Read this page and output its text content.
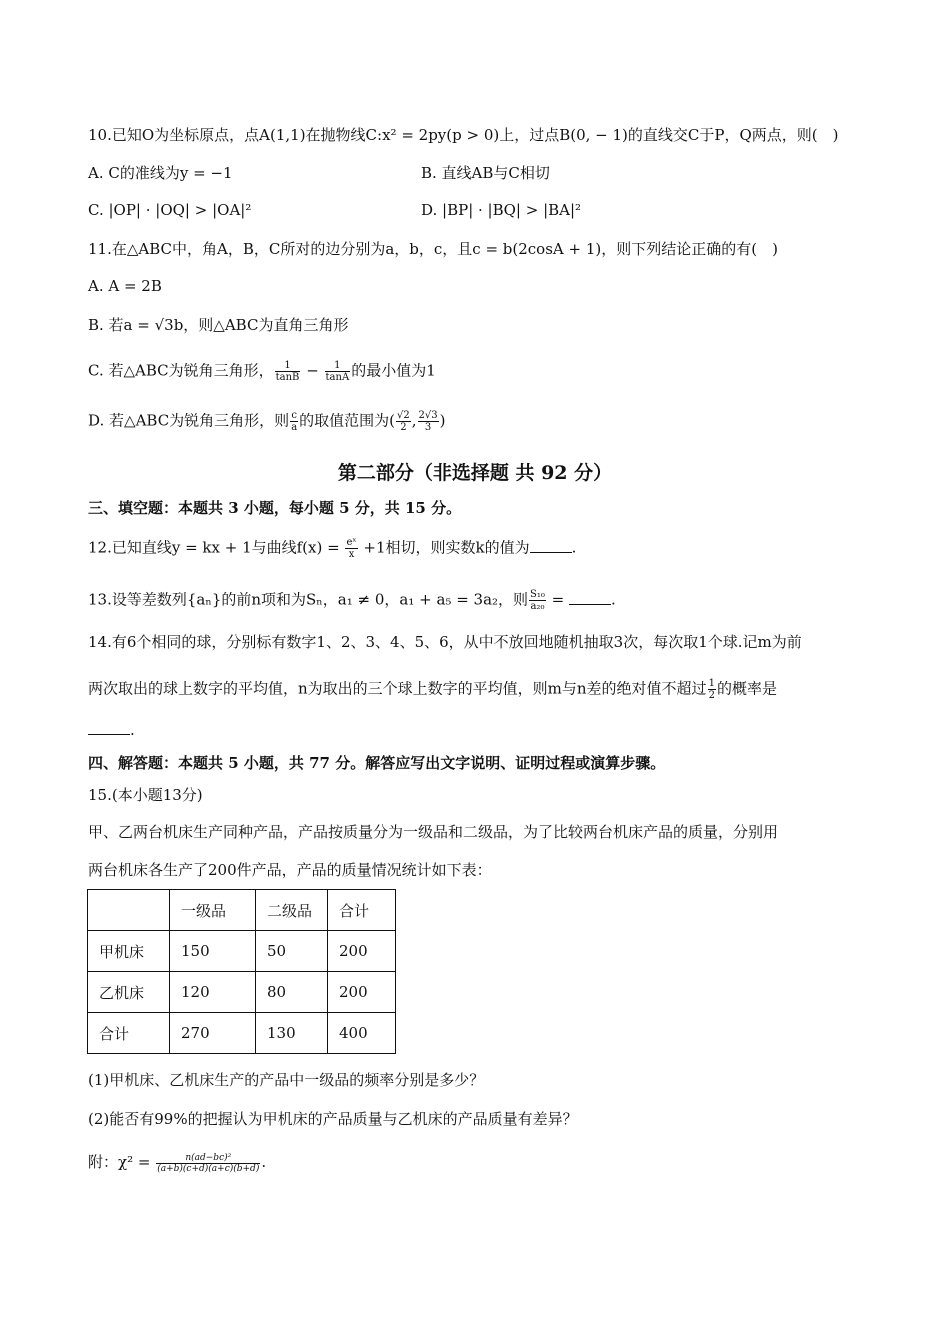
10.已知O为坐标原点，点A(1,1)在抛物线C:x² = 2py(p > 0)上，过点B(0, − 1)的直线交C于P，Q两点，则(　)
A. C的准线为y = −1	B. 直线AB与C相切
C. |OP| · |OQ| > |OA|²	D. |BP| · |BQ| > |BA|²
11.在△ABC中，角A，B，C所对的边分别为a，b，c，且c = b(2cosA + 1)，则下列结论正确的有(　)
A. A = 2B
B. 若a = √3b，则△ABC为直角三角形
C. 若△ABC为锐角三角形， $\frac{1}{\tan B} - \frac{1}{\tan A}$ 的最小值为1
D. 若△ABC为锐角三角形，则 $\frac{c}{a}$ 的取值范围为( $\frac{√2}{2}$ , $\frac{2√3}{3}$ )
第二部分（非选择题 共 92 分）
三、填空题：本题共 3 小题，每小题 5 分，共 15 分。
12.已知直线y = kx + 1与曲线$f(x) = \frac{\text{eˣ}}{x} +1$相切，则实数k的值为	.
13.设等差数列{aₙ}的前n项和为Sₙ，a₁ ≠ 0，a₁ + a₅ = 3a₂，则 $\frac{\text{S₁₀}}{\text{a₂₀}}$ =	.
14.有6个相同的球，分别标有数字1、2、3、4、5、6，从中不放回地随机抽取3次，每次取1个球.记m为前
两次取出的球上数字的平均值，n为取出的三个球上数字的平均值，则m与n差的绝对值不超过 $\frac{1}{2}$ 的概率是
.
四、解答题：本题共 5 小题，共 77 分。解答应写出文字说明、证明过程或演算步骤。
15.(本小题13分)
甲、乙两台机床生产同种产品，产品按质量分为一级品和二级品，为了比较两台机床产品的质量，分别用
两台机床各生产了200件产品，产品的质量情况统计如下表：
	一级品	二级品	合计
甲机床	150	50	200
乙机床	120	80	200
合计	270	130	400
(1)甲机床、乙机床生产的产品中一级品的频率分别是多少？
(2)能否有99%的把握认为甲机床的产品质量与乙机床的产品质量有差异？
附：$\chi^2 = \frac{\text{n(ad−bc)²}}{(a+b)(c+d)(a+c)(b+d)}$ .
